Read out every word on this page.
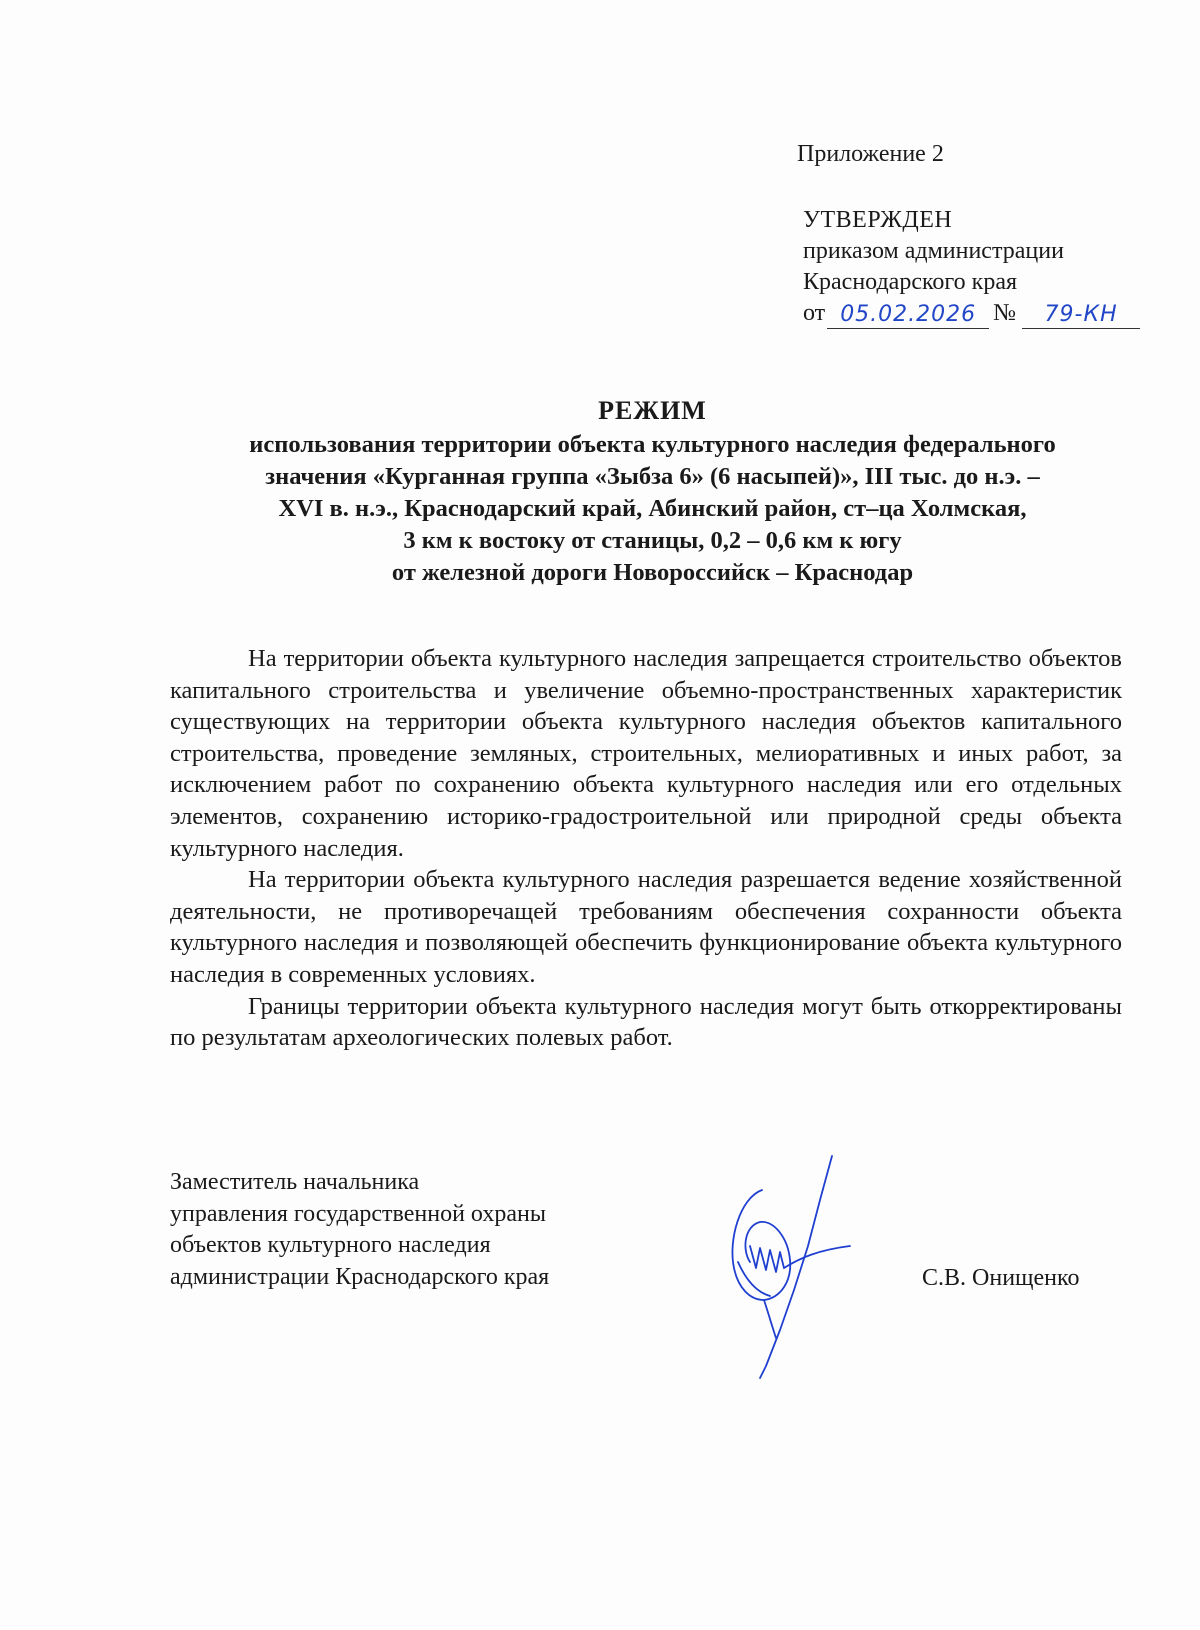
Приложение 2
УТВЕРЖДЕН
приказом администрации
Краснодарского края
от 05.02.2026 №	79-КН
РЕЖИМ
использования территории объекта культурного наследия федерального
значения «Курганная группа «Зыбза 6» (6 насыпей)», III тыс. до н.э. –
XVI в. н.э., Краснодарский край, Абинский район, ст–ца Холмская,
3 км к востоку от станицы, 0,2 – 0,6 км к югу
от железной дороги Новороссийск – Краснодар

На территории объекта культурного наследия запрещается строительство объектов капитального строительства и увеличение объемно-пространственных характеристик существующих на территории объекта культурного наследия объектов капитального строительства, проведение земляных, строительных, мелиоративных и иных работ, за исключением работ по сохранению объекта культурного наследия или его отдельных элементов, сохранению историко-градостроительной или природной среды объекта культурного наследия.

На территории объекта культурного наследия разрешается ведение хозяйственной деятельности, не противоречащей требованиям обеспечения сохранности объекта культурного наследия и позволяющей обеспечить функционирование объекта культурного наследия в современных условиях.

Границы территории объекта культурного наследия могут быть откорректированы по результатам археологических полевых работ.

Заместитель начальника
управления государственной охраны
объектов культурного наследия
администрации Краснодарского края	С.В. Онищенко
